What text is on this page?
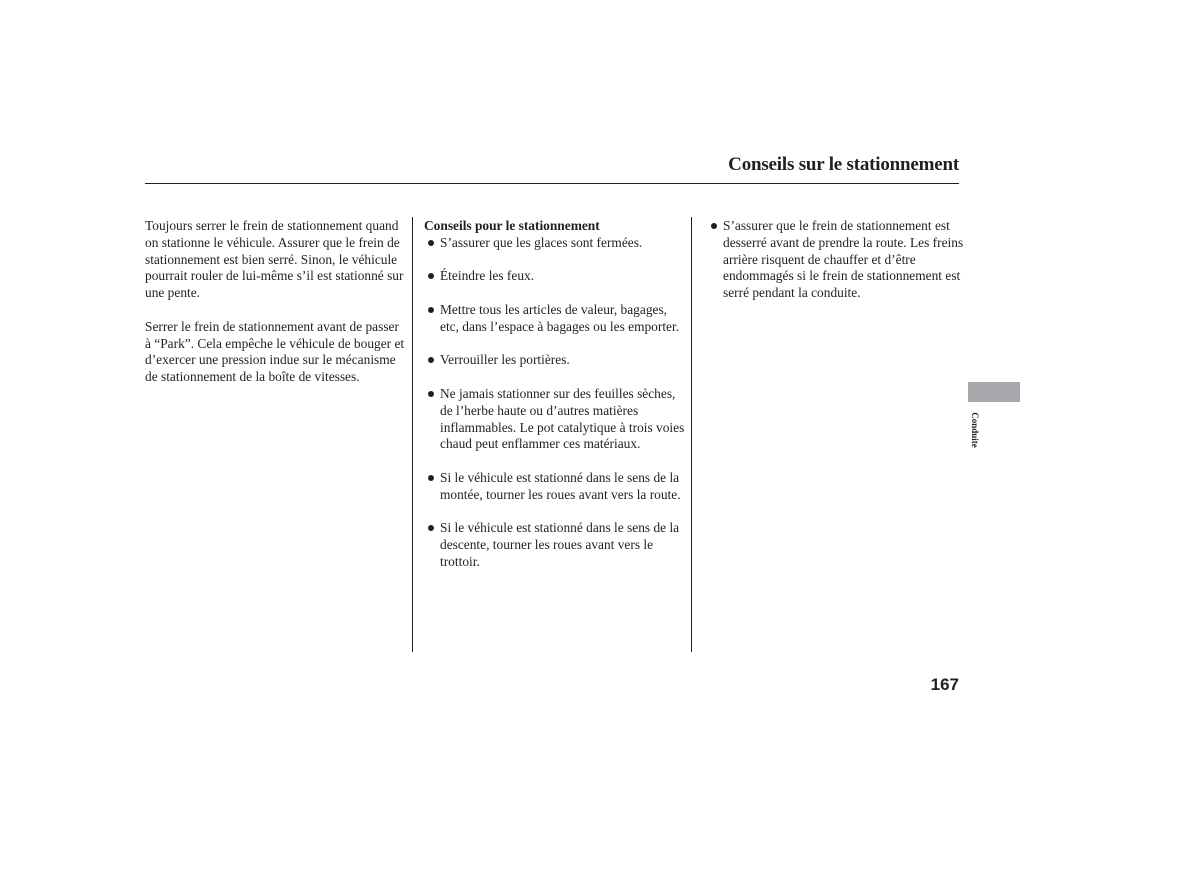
Conseils sur le stationnement

Toujours serrer le frein de stationnement quand on stationne le véhicule. Assurer que le frein de stationnement est bien serré. Sinon, le véhicule pourrait rouler de lui-même s’il est stationné sur une pente.

Serrer le frein de stationnement avant de passer à “Park”. Cela empêche le véhicule de bouger et d’exercer une pression indue sur le mécanisme de stationnement de la boîte de vitesses.

Conseils pour le stationnement

S’assurer que les glaces sont fermées.
Éteindre les feux.
Mettre tous les articles de valeur, bagages, etc, dans l’espace à bagages ou les emporter.
Verrouiller les portières.
Ne jamais stationner sur des feuilles sèches, de l’herbe haute ou d’autres matières inflammables. Le pot catalytique à trois voies chaud peut enflammer ces matériaux.
Si le véhicule est stationné dans le sens de la montée, tourner les roues avant vers la route.
Si le véhicule est stationné dans le sens de la descente, tourner les roues avant vers le trottoir.
S’assurer que le frein de stationnement est desserré avant de prendre la route. Les freins arrière risquent de chauffer et d’être endommagés si le frein de stationnement est serré pendant la conduite.
Conduite
167
